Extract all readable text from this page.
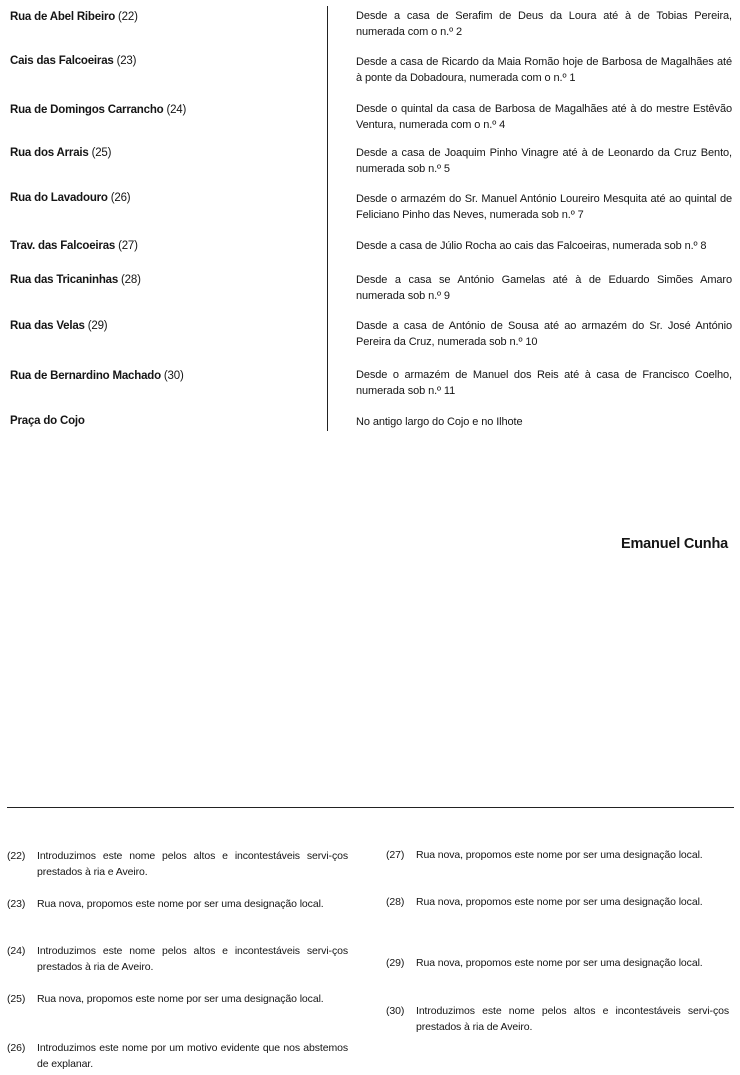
Rua de Abel Ribeiro (22)	Desde a casa de Serafim de Deus da Loura até à de Tobias Pereira, numerada com o n.º 2
Cais das Falcoeiras (23)	Desde a casa de Ricardo da Maia Romão hoje de Barbosa de Magalhães até à ponte da Dobadoura, numerada com o n.º 1
Rua de Domingos Carrancho (24)	Desde o quintal da casa de Barbosa de Magalhães até à do mestre Estêvão Ventura, numerada com o n.º 4
Rua dos Arrais (25)	Desde a casa de Joaquim Pinho Vinagre até à de Leonardo da Cruz Bento, numerada sob n.º 5
Rua do Lavadouro (26)	Desde o armazém do Sr. Manuel António Loureiro Mesquita até ao quintal de Feliciano Pinho das Neves, numerada sob n.º 7
Trav. das Falcoeiras (27)	Desde a casa de Júlio Rocha ao cais das Falcoeiras, numerada sob n.º 8
Rua das Tricaninhas (28)	Desde a casa se António Gamelas até à de Eduardo Simões Amaro numerada sob n.º 9
Rua das Velas (29)	Dasde a casa de António de Sousa até ao armazém do Sr. José António Pereira da Cruz, numerada sob n.º 10
Rua de Bernardino Machado (30)	Desde o armazém de Manuel dos Reis até à casa de Francisco Coelho, numerada sob n.º 11
Praça do Cojo	No antigo largo do Cojo e no Ilhote
Emanuel Cunha
(22) Introduzimos este nome pelos altos e incontestáveis servi-ços prestados à ria e Aveiro.
(23) Rua nova, propomos este nome por ser uma designação local.
(24) Introduzimos este nome pelos altos e incontestáveis servi-ços prestados à ria de Aveiro.
(25) Rua nova, propomos este nome por ser uma designação local.
(26) Introduzimos este nome por um motivo evidente que nos abstemos de explanar.
(27) Rua nova, propomos este nome por ser uma designação local.
(28) Rua nova, propomos este nome por ser uma designação local.
(29) Rua nova, propomos este nome por ser uma designação local.
(30) Introduzimos este nome pelos altos e incontestáveis servi-ços prestados à ria de Aveiro.
